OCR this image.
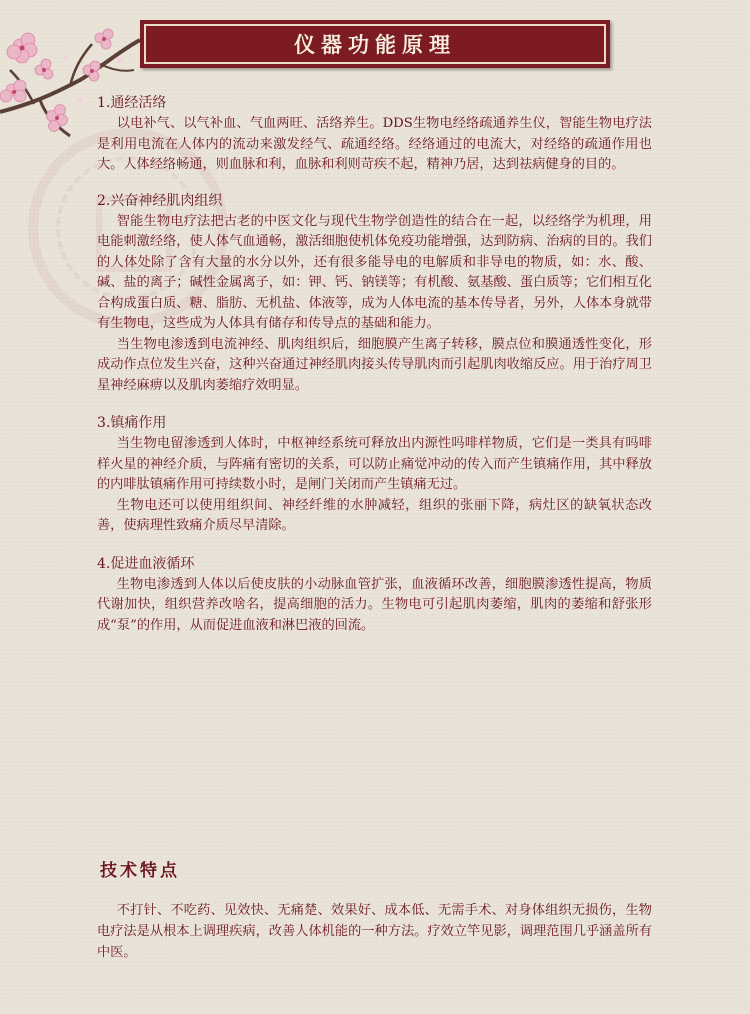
仪器功能原理
1.通经活络

以电补气、以气补血、气血两旺、活络养生。DDS生物电经络疏通养生仪，智能生物电疗法是利用电流在人体内的流动来激发经气、疏通经络。经络通过的电流大，对经络的疏通作用也大。人体经络畅通，则血脉和利，血脉和利则苛疾不起，精神乃居，达到祛病健身的目的。

2.兴奋神经肌肉组织

智能生物电疗法把古老的中医文化与现代生物学创造性的结合在一起，以经络学为机理，用电能刺激经络，使人体气血通畅，激活细胞使机体免疫功能增强，达到防病、治病的目的。我们的人体处除了含有大量的水分以外，还有很多能导电的电解质和非导电的物质，如：水、酸、碱、盐的离子；碱性金属离子，如：钾、钙、钠镁等；有机酸、氨基酸、蛋白质等；它们相互化合构成蛋白质、糖、脂肪、无机盐、体液等，成为人体电流的基本传导者，另外，人体本身就带有生物电，这些成为人体具有储存和传导点的基础和能力。

当生物电渗透到电流神经、肌肉组织后，细胞膜产生离子转移，膜点位和膜通透性变化，形成动作点位发生兴奋，这种兴奋通过神经肌肉接头传导肌肉而引起肌肉收缩反应。用于治疗周卫星神经麻痹以及肌肉萎缩疗效明显。

3.镇痛作用

当生物电留渗透到人体时，中枢神经系统可释放出内源性吗啡样物质，它们是一类具有吗啡样火星的神经介质，与阵痛有密切的关系，可以防止痛觉冲动的传入而产生镇痛作用，其中释放的内啡肽镇痛作用可持续数小时，是闸门关闭而产生镇痛无过。

生物电还可以使用组织间、神经纤维的水肿减轻，组织的张丽下降，病灶区的缺氧状态改善，使病理性致痛介质尽早清除。

4.促进血液循环

生物电渗透到人体以后使皮肤的小动脉血管扩张，血液循环改善，细胞膜渗透性提高，物质代谢加快，组织营养改啥名，提高细胞的活力。生物电可引起肌肉萎缩，肌肉的萎缩和舒张形成“泵”的作用，从而促进血液和淋巴液的回流。

技术特点

不打针、不吃药、见效快、无痛楚、效果好、成本低、无需手术、对身体组织无损伤，生物电疗法是从根本上调理疾病，改善人体机能的一种方法。疗效立竿见影，调理范围几乎涵盖所有中医。
